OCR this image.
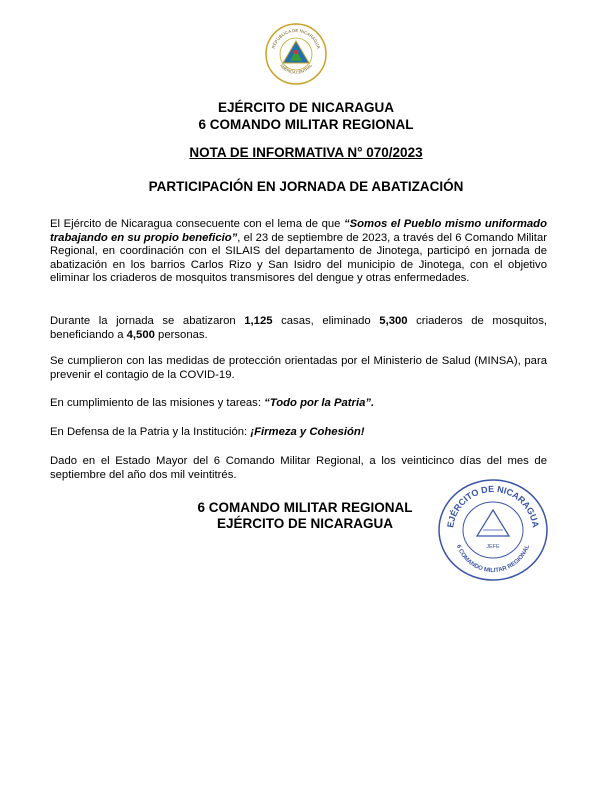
REPÚBLICA DE NICARAGUA
AMÉRICA CENTRAL
EJÉRCITO DE NICARAGUA
6 COMANDO MILITAR REGIONAL
NOTA DE INFORMATIVA N° 070/2023
PARTICIPACIÓN EN JORNADA DE ABATIZACIÓN
El Ejército de Nicaragua consecuente con el lema de que “Somos el Pueblo mismo uniformado trabajando en su propio beneficio”, el 23 de septiembre de 2023, a través del 6 Comando Militar Regional, en coordinación con el SILAIS del departamento de Jinotega, participó en jornada de abatización en los barrios Carlos Rizo y San Isidro del municipio de Jinotega, con el objetivo eliminar los criaderos de mosquitos transmisores del dengue y otras enfermedades.
Durante la jornada se abatizaron 1,125 casas, eliminado 5,300 criaderos de mosquitos, beneficiando a 4,500 personas.
Se cumplieron con las medidas de protección orientadas por el Ministerio de Salud (MINSA), para prevenir el contagio de la COVID-19.
En cumplimiento de las misiones y tareas: “Todo por la Patria”.
En Defensa de la Patria y la Institución: ¡Firmeza y Cohesión!
Dado en el Estado Mayor del 6 Comando Militar Regional, a los veinticinco días del mes de septiembre del año dos mil veintitrés.
6 COMANDO MILITAR REGIONAL
EJÉRCITO DE NICARAGUA	EJÉRCITO DE NICARAGUA
6 COMANDO MILITAR REGIONAL
JEFE
